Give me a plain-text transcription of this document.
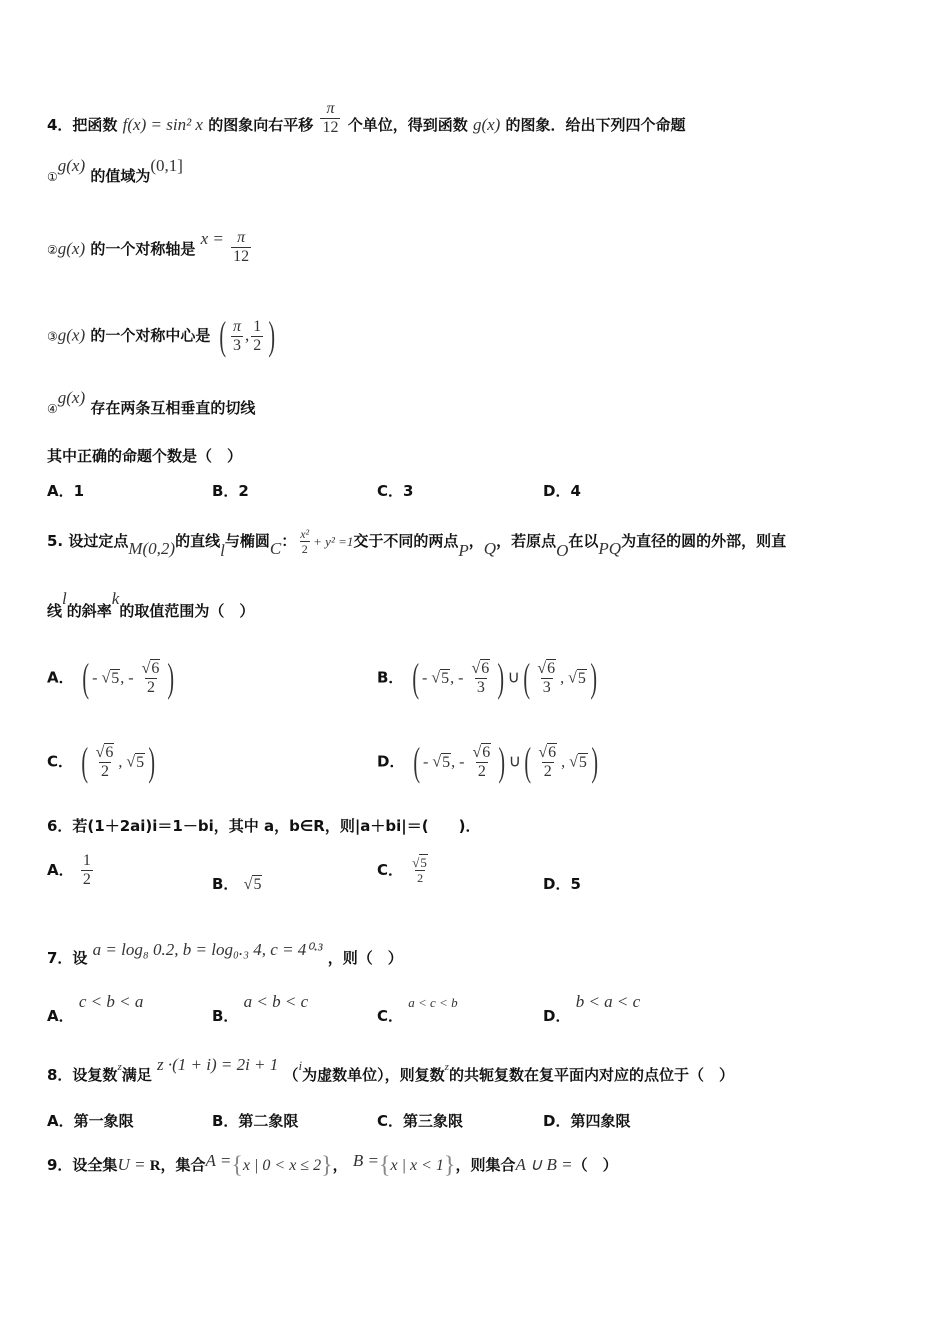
4．把函数 f(x) = sin² x 的图象向右平移 $\frac{\pi}{12}$ 个单位，得到函数 g(x) 的图象．给出下列四个命题
①g(x) 的值域为(0,1]
②g(x) 的一个对称轴是 $x = \frac{\pi}{12}$
③g(x) 的一个对称中心是 ( $\frac{\pi}{3}$ , $\frac{1}{2}$ )
④g(x) 存在两条互相垂直的切线
其中正确的命题个数是（　）
A．1	B．2	C．3	D．4
5. 设过定点M(0,2)的直线l与椭圆C： $\frac{\text{x²}}{2} + y^2 =1$交于不同的两点P，Q，若原点O在以PQ为直径的圆的外部，则直
线l的斜率k的取值范围为（　）
A． ( - √5, - $\frac{√6}{2}$ )	B． ( - √5, - $\frac{√6}{3}$ ) ∪( $\frac{√6}{3}$ , √5 )
C． ( $\frac{√6}{2}$ , √5 )	D． ( - √5, - $\frac{√6}{2}$ ) ∪( $\frac{√6}{2}$ , √5 )
6．若(1＋2ai)i＝1－bi，其中 a，b∈R，则|a＋bi|＝(　　)．
A． $\frac{1}{2}$	B． √5
C． $\frac{√5}{2}$	D．5
7．设 a = log₈ 0.2, b = log₀.₃ 4, c = 4⁰·³ ，则（　）
A． c < b < a
B． a < b < c
C． a < c < b
D． b < a < c
8．设复数z满足 z ·(1 + i) = 2i + 1 （i为虚数单位），则复数z的共轭复数在复平面内对应的点位于（　）
A．第一象限	B．第二象限	C．第三象限	D．第四象限
9．设全集U = R，集合A ={x | 0 < x ≤ 2}， B ={x | x < 1}，则集合A ∪ B =（　）
